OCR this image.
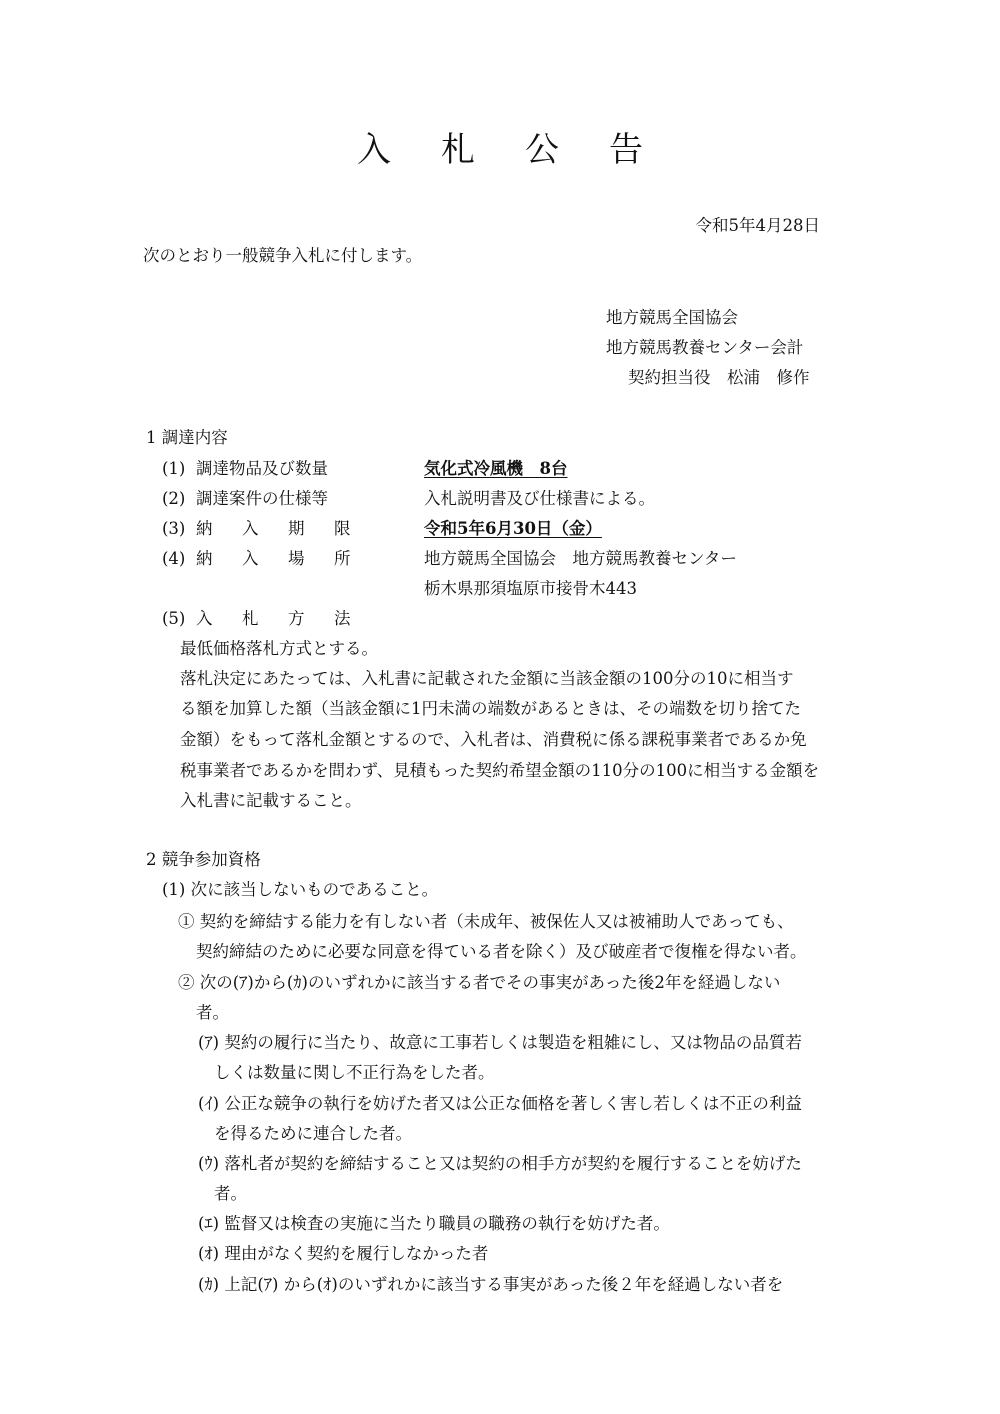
入 札 公 告
令和5年4月28日
次のとおり一般競争入札に付します。
地方競馬全国協会
地方競馬教養センター会計
契約担当役　松浦　修作
1 調達内容
(1) 調達物品及び数量	気化式冷風機　8台
(2) 調達案件の仕様等	入札説明書及び仕様書による。
(3) 納 入 期 限	令和5年6月30日（金）
(4) 納 入 場 所	地方競馬全国協会　地方競馬教養センター
栃木県那須塩原市接骨木443
(5) 入 札 方 法
最低価格落札方式とする。
落札決定にあたっては、入札書に記載された金額に当該金額の100分の10に相当す
る額を加算した額（当該金額に1円未満の端数があるときは、その端数を切り捨てた
金額）をもって落札金額とするので、入札者は、消費税に係る課税事業者であるか免
税事業者であるかを問わず、見積もった契約希望金額の110分の100に相当する金額を
入札書に記載すること。
2 競争参加資格
(1) 次に該当しないものであること。
① 契約を締結する能力を有しない者（未成年、被保佐人又は被補助人であっても、
契約締結のために必要な同意を得ている者を除く）及び破産者で復権を得ない者。
② 次の(ｱ)から(ｶ)のいずれかに該当する者でその事実があった後2年を経過しない
者。
(ｱ) 契約の履行に当たり、故意に工事若しくは製造を粗雑にし、又は物品の品質若
しくは数量に関し不正行為をした者。
(ｲ) 公正な競争の執行を妨げた者又は公正な価格を著しく害し若しくは不正の利益
を得るために連合した者。
(ｳ) 落札者が契約を締結すること又は契約の相手方が契約を履行することを妨げた
者。
(ｴ) 監督又は検査の実施に当たり職員の職務の執行を妨げた者。
(ｵ) 理由がなく契約を履行しなかった者
(ｶ) 上記(ｱ) から(ｵ)のいずれかに該当する事実があった後２年を経過しない者を
